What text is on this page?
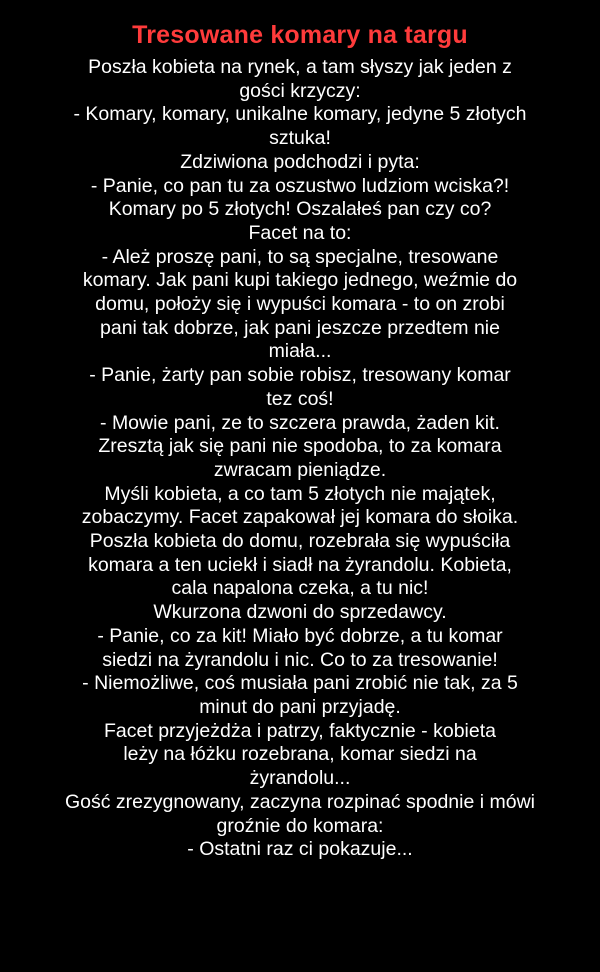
Tresowane komary na targu
Poszła kobieta na rynek, a tam słyszy jak jeden z
gości krzyczy:
- Komary, komary, unikalne komary, jedyne 5 złotych
sztuka!
Zdziwiona podchodzi i pyta:
- Panie, co pan tu za oszustwo ludziom wciska?!
Komary po 5 złotych! Oszalałeś pan czy co?
Facet na to:
- Ależ proszę pani, to są specjalne, tresowane
komary. Jak pani kupi takiego jednego, weźmie do
domu, położy się i wypuści komara - to on zrobi
pani tak dobrze, jak pani jeszcze przedtem nie
miała...
- Panie, żarty pan sobie robisz, tresowany komar
tez coś!
- Mowie pani, ze to szczera prawda, żaden kit.
Zresztą jak się pani nie spodoba, to za komara
zwracam pieniądze.
Myśli kobieta, a co tam 5 złotych nie majątek,
zobaczymy. Facet zapakował jej komara do słoika.
Poszła kobieta do domu, rozebrała się wypuściła
komara a ten uciekł i siadł na żyrandolu. Kobieta,
cala napalona czeka, a tu nic!
Wkurzona dzwoni do sprzedawcy.
- Panie, co za kit! Miało być dobrze, a tu komar
siedzi na żyrandolu i nic. Co to za tresowanie!
- Niemożliwe, coś musiała pani zrobić nie tak, za 5
minut do pani przyjadę.
Facet przyjeżdża i patrzy, faktycznie - kobieta
leży na łóżku rozebrana, komar siedzi na
żyrandolu...
Gość zrezygnowany, zaczyna rozpinać spodnie i mówi
groźnie do komara:
- Ostatni raz ci pokazuje...
